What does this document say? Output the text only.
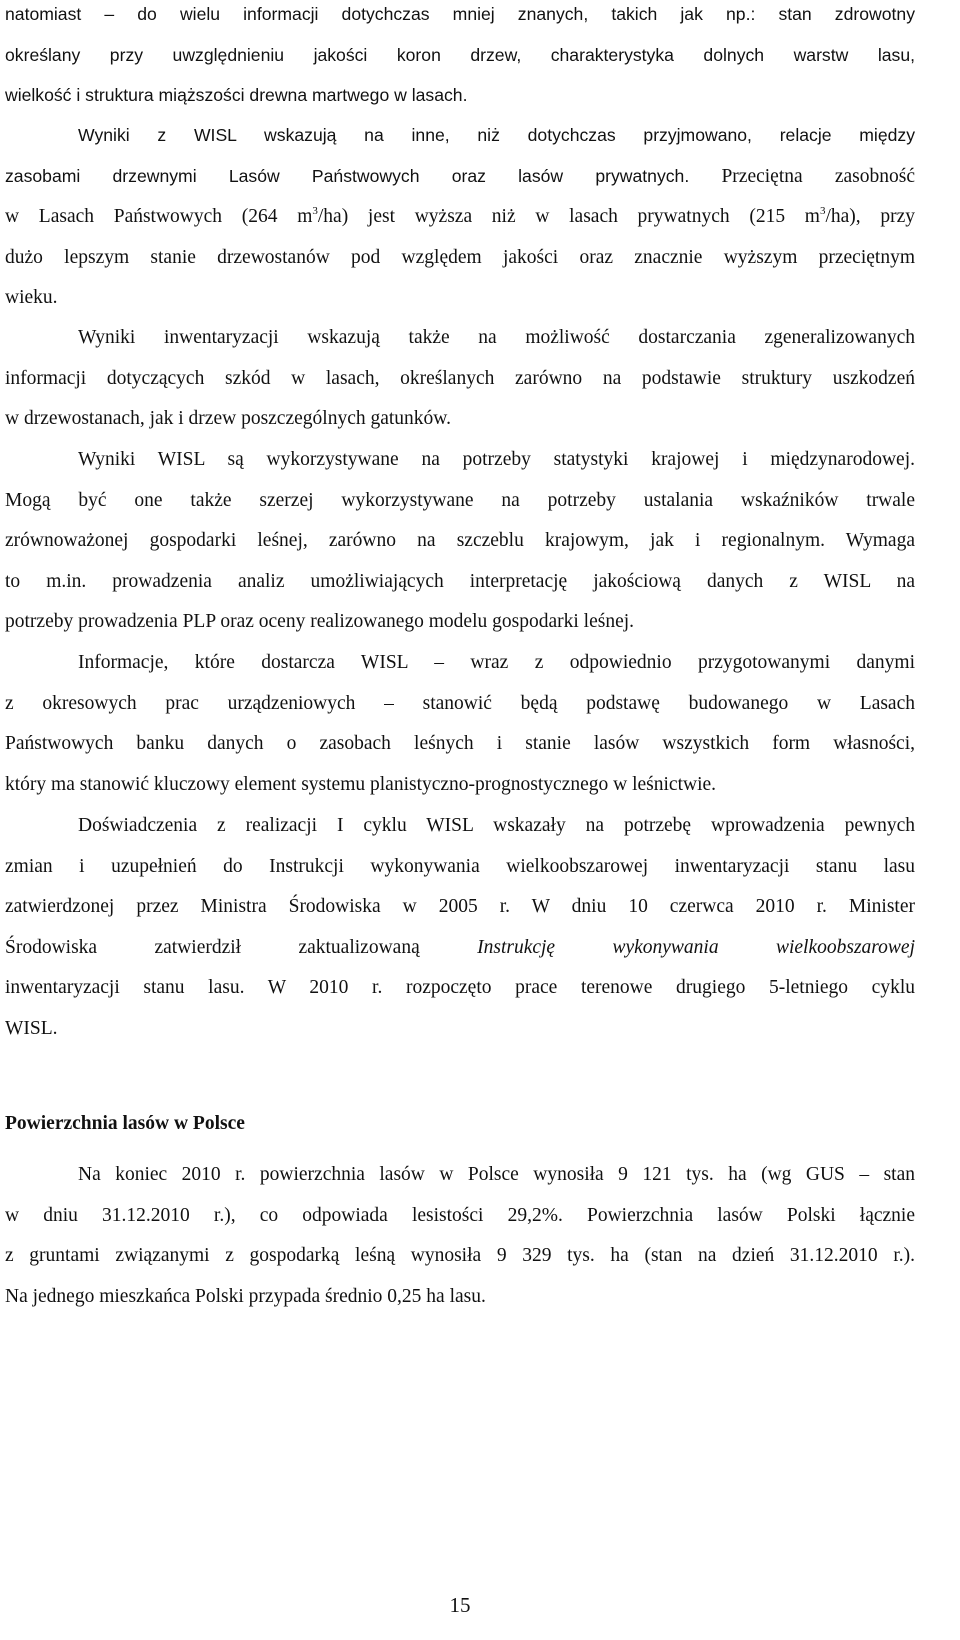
natomiast – do wielu informacji dotychczas mniej znanych, takich jak np.: stan zdrowotny
określany przy uwzględnieniu jakości koron drzew, charakterystyka dolnych warstw lasu,
wielkość i struktura miąższości drewna martwego w lasach.
Wyniki z WISL wskazują na inne, niż dotychczas przyjmowano, relacje między
zasobami drzewnymi Lasów Państwowych oraz lasów prywatnych. Przeciętna zasobność
w Lasach Państwowych (264 $m^3/ha$) jest wyższa niż w lasach prywatnych (215 $m^3/ha$), przy
dużo lepszym stanie drzewostanów pod względem jakości oraz znacznie wyższym przeciętnym
wieku.
Wyniki inwentaryzacji wskazują także na możliwość dostarczania zgeneralizowanych
informacji dotyczących szkód w lasach, określanych zarówno na podstawie struktury uszkodzeń
w drzewostanach, jak i drzew poszczególnych gatunków.
Wyniki WISL są wykorzystywane na potrzeby statystyki krajowej i międzynarodowej.
Mogą być one także szerzej wykorzystywane na potrzeby ustalania wskaźników trwale
zrównoważonej gospodarki leśnej, zarówno na szczeblu krajowym, jak i regionalnym. Wymaga
to m.in. prowadzenia analiz umożliwiających interpretację jakościową danych z WISL na
potrzeby prowadzenia PLP oraz oceny realizowanego modelu gospodarki leśnej.
Informacje, które dostarcza WISL – wraz z odpowiednio przygotowanymi danymi
z okresowych prac urządzeniowych – stanowić będą podstawę budowanego w Lasach
Państwowych banku danych o zasobach leśnych i stanie lasów wszystkich form własności,
który ma stanowić kluczowy element systemu planistyczno-prognostycznego w leśnictwie.
Doświadczenia z realizacji I cyklu WISL wskazały na potrzebę wprowadzenia pewnych
zmian i uzupełnień do Instrukcji wykonywania wielkoobszarowej inwentaryzacji stanu lasu
zatwierdzonej przez Ministra Środowiska w 2005 r. W dniu 10 czerwca 2010 r. Minister
Środowiska zatwierdził zaktualizowaną Instrukcję wykonywania wielkoobszarowej
inwentaryzacji stanu lasu. W 2010 r. rozpoczęto prace terenowe drugiego 5-letniego cyklu
WISL.
Powierzchnia lasów w Polsce
Na koniec 2010 r. powierzchnia lasów w Polsce wynosiła 9 121 tys. ha (wg GUS – stan
w dniu 31.12.2010 r.), co odpowiada lesistości 29,2%. Powierzchnia lasów Polski łącznie
z gruntami związanymi z gospodarką leśną wynosiła 9 329 tys. ha (stan na dzień 31.12.2010 r.).
Na jednego mieszkańca Polski przypada średnio 0,25 ha lasu.
15
